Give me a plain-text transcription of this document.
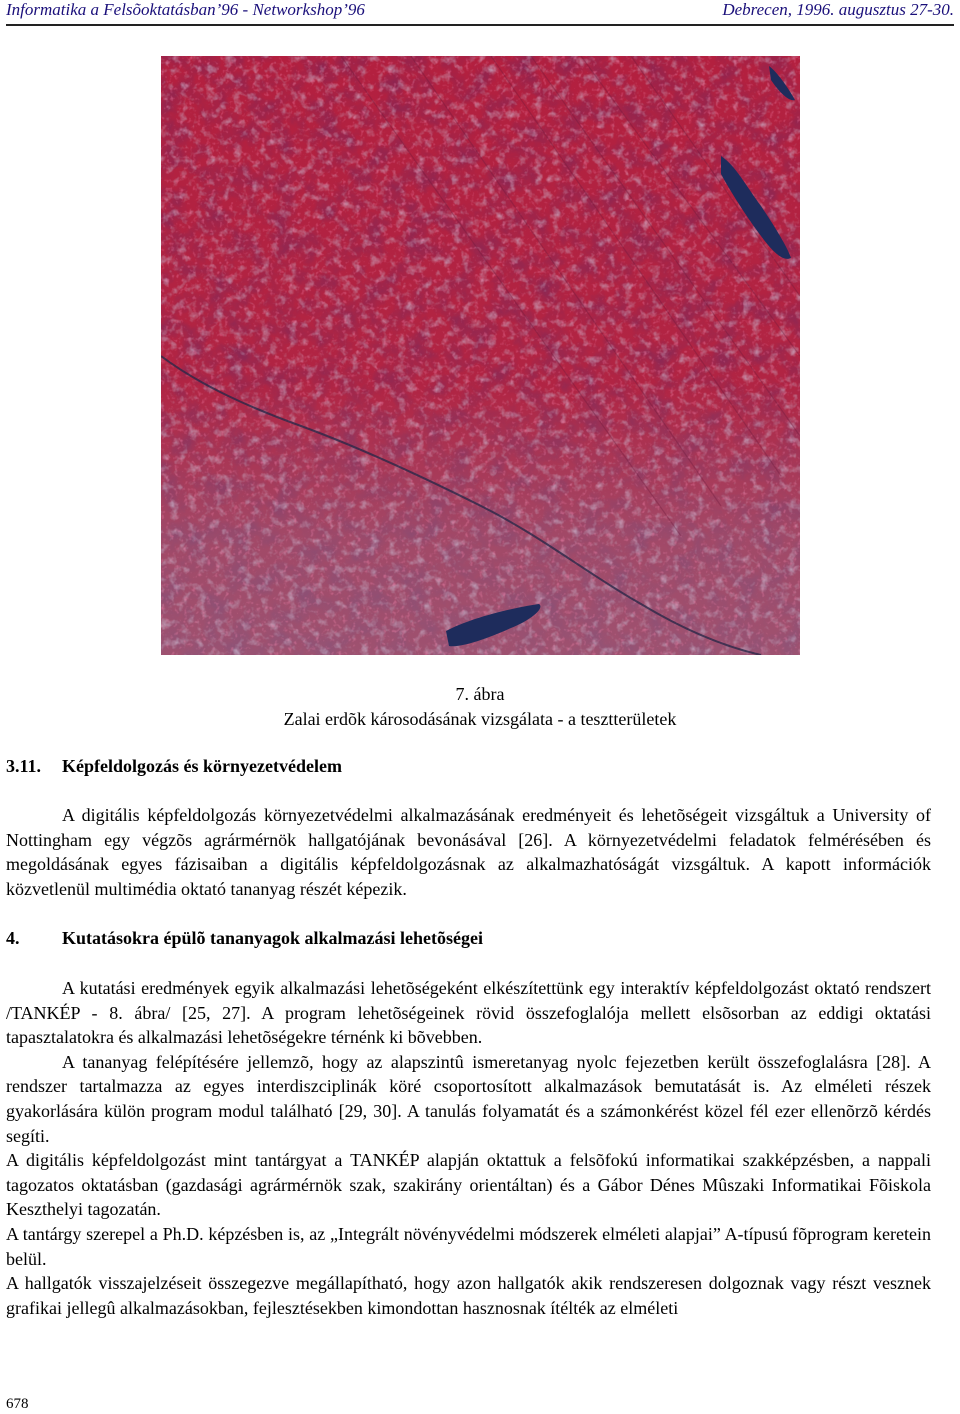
Informatika a Felsõoktatásban’96 - Networkshop’96	Debrecen, 1996. augusztus 27-30.
7. ábra
Zalai erdõk károsodásának vizsgálata - a tesztterületek
3.11. Képfeldolgozás és környezetvédelem

A digitális képfeldolgozás környezetvédelmi alkalmazásának eredményeit és lehetõségeit vizsgáltuk a University of Nottingham egy végzõs agrármérnök hallgatójának bevonásával [26]. A környezetvédelmi feladatok felmérésében és megoldásának egyes fázisaiban a digitális képfeldolgozásnak az alkalmazhatóságát vizsgáltuk. A kapott információk közvetlenül multimédia oktató tananyag részét képezik.

4. Kutatásokra épülõ tananyagok alkalmazási lehetõségei

A kutatási eredmények egyik alkalmazási lehetõségeként elkészítettünk egy interaktív képfeldolgozást oktató rendszert /TANKÉP - 8. ábra/ [25, 27]. A program lehetõségeinek rövid összefoglalója mellett elsõsorban az eddigi oktatási tapasztalatokra és alkalmazási lehetõségekre térnénk ki bõvebben.

A tananyag felépítésére jellemzõ, hogy az alapszintû ismeretanyag nyolc fejezetben került összefoglalásra [28]. A rendszer tartalmazza az egyes interdiszciplinák köré csoportosított alkalmazások bemutatását is. Az elméleti részek gyakorlására külön program modul található [29, 30]. A tanulás folyamatát és a számonkérést közel fél ezer ellenõrzõ kérdés segíti.

A digitális képfeldolgozást mint tantárgyat a TANKÉP alapján oktattuk a felsõfokú informatikai szakképzésben, a nappali tagozatos oktatásban (gazdasági agrármérnök szak, szakirány orientáltan) és a Gábor Dénes Mûszaki Informatikai Fõiskola Keszthelyi tagozatán.

A tantárgy szerepel a Ph.D. képzésben is, az „Integrált növényvédelmi módszerek elméleti alapjai” A-típusú fõprogram keretein belül.

A hallgatók visszajelzéseit összegezve megállapítható, hogy azon hallgatók akik rendszeresen dolgoznak vagy részt vesznek grafikai jellegû alkalmazásokban, fejlesztésekben kimondottan hasznosnak ítélték az elméleti

678
